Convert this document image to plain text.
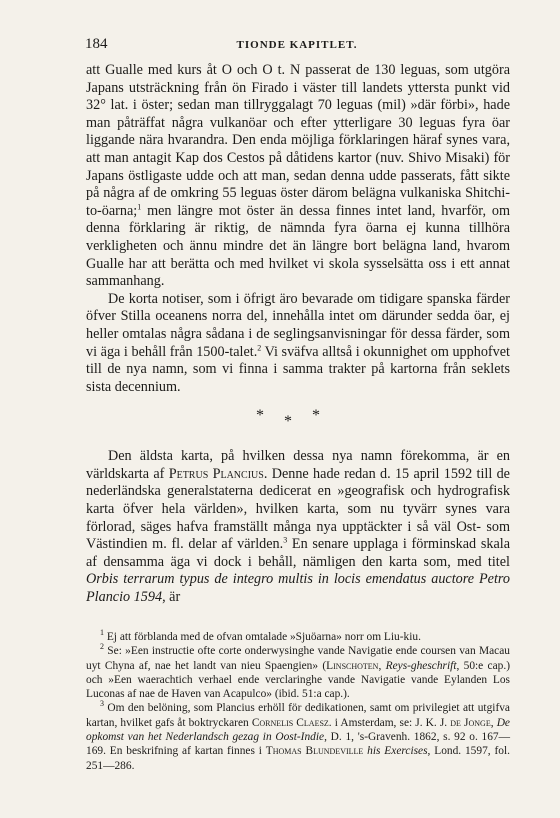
184	TIONDE KAPITLET.

att Gualle med kurs åt O och O t. N passerat de 130 leguas, som utgöra Japans utsträckning från ön Firado i väster till landets yttersta punkt vid 32° lat. i öster; sedan man tillryggalagt 70 leguas (mil) »där förbi», hade man påträffat några vulkanöar och efter ytterligare 30 leguas fyra öar liggande nära hvarandra. Den enda möjliga förklaringen häraf synes vara, att man antagit Kap dos Cestos på dåtidens kartor (nuv. Shivo Misaki) för Japans östligaste udde och att man, sedan denna udde passerats, fått sikte på några af de omkring 55 leguas öster därom belägna vulkaniska Shitchi-to-öarna;$^1$ men längre mot öster än dessa finnes intet land, hvarför, om denna förklaring är riktig, de nämnda fyra öarna ej kunna tillhöra verkligheten och ännu mindre det än längre bort belägna land, hvarom Gualle har att berätta och med hvilket vi skola sysselsätta oss i ett annat sammanhang.

De korta notiser, som i öfrigt äro bevarade om tidigare spanska färder öfver Stilla oceanens norra del, innehålla intet om därunder sedda öar, ej heller omtalas några sådana i de seglingsanvisningar för dessa färder, som vi äga i behåll från 1500-talet.$^2$ Vi sväfva alltså i okunnighet om upphofvet till de nya namn, som vi finna i samma trakter på kartorna från seklets sista decennium.

***

Den äldsta karta, på hvilken dessa nya namn förekomma, är en världskarta af Petrus Plancius. Denne hade redan d. 15 april 1592 till de nederländska generalstaterna dedicerat en »geografisk och hydrografisk karta öfver hela världen», hvilken karta, som nu tyvärr synes vara förlorad, säges hafva framställt många nya upptäckter i så väl Ost- som Västindien m. fl. delar af världen.$^3$ En senare upplaga i förminskad skala af densamma äga vi dock i behåll, nämligen den karta som, med titel Orbis terrarum typus de integro multis in locis emendatus auctore Petro Plancio 1594, är

$^1$ Ej att förblanda med de ofvan omtalade »Sjuöarna» norr om Liu-kiu.

$^2$ Se: »Een instructie ofte corte onderwysinghe vande Navigatie ende coursen van Macau uyt Chyna af, nae het landt van nieu Spaengien» (Linschoten, Reys-gheschrift, 50:e cap.) och »Een waerachtich verhael ende verclaringhe vande Navigatie vande Eylanden Los Luconas af nae de Haven van Acapulco» (ibid. 51:a cap.).

$^3$ Om den belöning, som Plancius erhöll för dedikationen, samt om privilegiet att utgifva kartan, hvilket gafs åt boktryckaren Cornelis Claesz. i Amsterdam, se: J. K. J. de Jonge, De opkomst van het Nederlandsch gezag in Oost-Indie, D. 1, 's-Gravenh. 1862, s. 92 o. 167—169. En beskrifning af kartan finnes i Thomas Blundeville his Exercises, Lond. 1597, fol. 251—286.
